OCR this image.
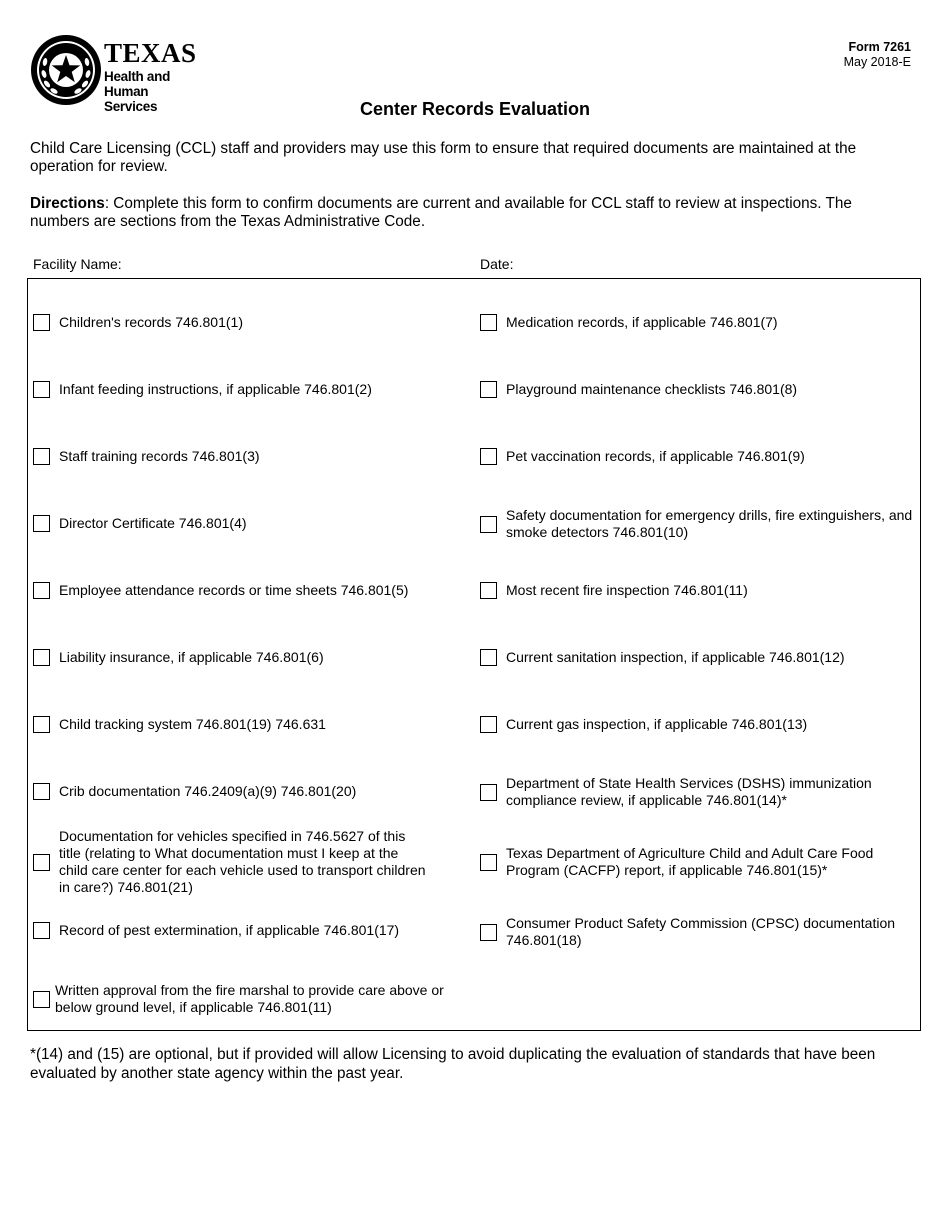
TEXAS
Health and Human
Services
Form 7261
May 2018-E
Center Records Evaluation

Child Care Licensing (CCL) staff and providers may use this form to ensure that required documents are maintained at the operation for review.

Directions: Complete this form to confirm documents are current and available for CCL staff to review at inspections. The numbers are sections from the Texas Administrative Code.

Facility Name:	Date:
Children's records 746.801(1)
Infant feeding instructions, if applicable 746.801(2)
Staff training records 746.801(3)
Director Certificate 746.801(4)
Employee attendance records or time sheets 746.801(5)
Liability insurance, if applicable 746.801(6)
Child tracking system 746.801(19) 746.631
Crib documentation 746.2409(a)(9) 746.801(20)
Documentation for vehicles specified in 746.5627 of this title (relating to What documentation must I keep at the child care center for each vehicle used to transport children in care?) 746.801(21)
Record of pest extermination, if applicable 746.801(17)
Written approval from the fire marshal to provide care above or below ground level, if applicable 746.801(11)
Medication records, if applicable 746.801(7)
Playground maintenance checklists 746.801(8)
Pet vaccination records, if applicable 746.801(9)
Safety documentation for emergency drills, fire extinguishers, and smoke detectors 746.801(10)
Most recent fire inspection 746.801(11)
Current sanitation inspection, if applicable 746.801(12)
Current gas inspection, if applicable 746.801(13)
Department of State Health Services (DSHS) immunization compliance review, if applicable 746.801(14)*
Texas Department of Agriculture Child and Adult Care Food Program (CACFP) report, if applicable 746.801(15)*
Consumer Product Safety Commission (CPSC) documentation 746.801(18)

*(14) and (15) are optional, but if provided will allow Licensing to avoid duplicating the evaluation of standards that have been evaluated by another state agency within the past year.
